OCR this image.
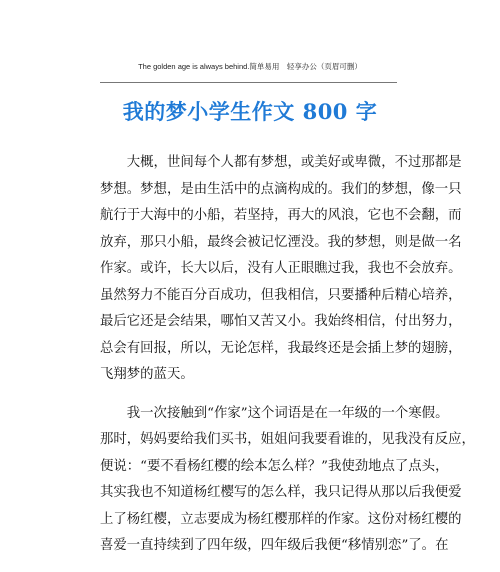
The golden age is always behind.简单易用　轻享办公（页眉可删）
我的梦小学生作文 800 字
　　大概，世间每个人都有梦想，或美好或卑微，不过那都是
梦想。梦想，是由生活中的点滴构成的。我们的梦想，像一只
航行于大海中的小船，若坚持，再大的风浪，它也不会翻，而
放弃，那只小船，最终会被记忆湮没。我的梦想，则是做一名
作家。或许，长大以后，没有人正眼瞧过我，我也不会放弃。
虽然努力不能百分百成功，但我相信，只要播种后精心培养，
最后它还是会结果，哪怕又苦又小。我始终相信，付出努力，
总会有回报，所以，无论怎样，我最终还是会插上梦的翅膀，
飞翔梦的蓝天。
　　我一次接触到“作家”这个词语是在一年级的一个寒假。
那时，妈妈要给我们买书，姐姐问我要看谁的，见我没有反应，
便说：“要不看杨红樱的绘本怎么样？”我使劲地点了点头，
其实我也不知道杨红樱写的怎么样，我只记得从那以后我便爱
上了杨红樱，立志要成为杨红樱那样的作家。这份对杨红樱的
喜爱一直持续到了四年级，四年级后我便“移情别恋”了。在
